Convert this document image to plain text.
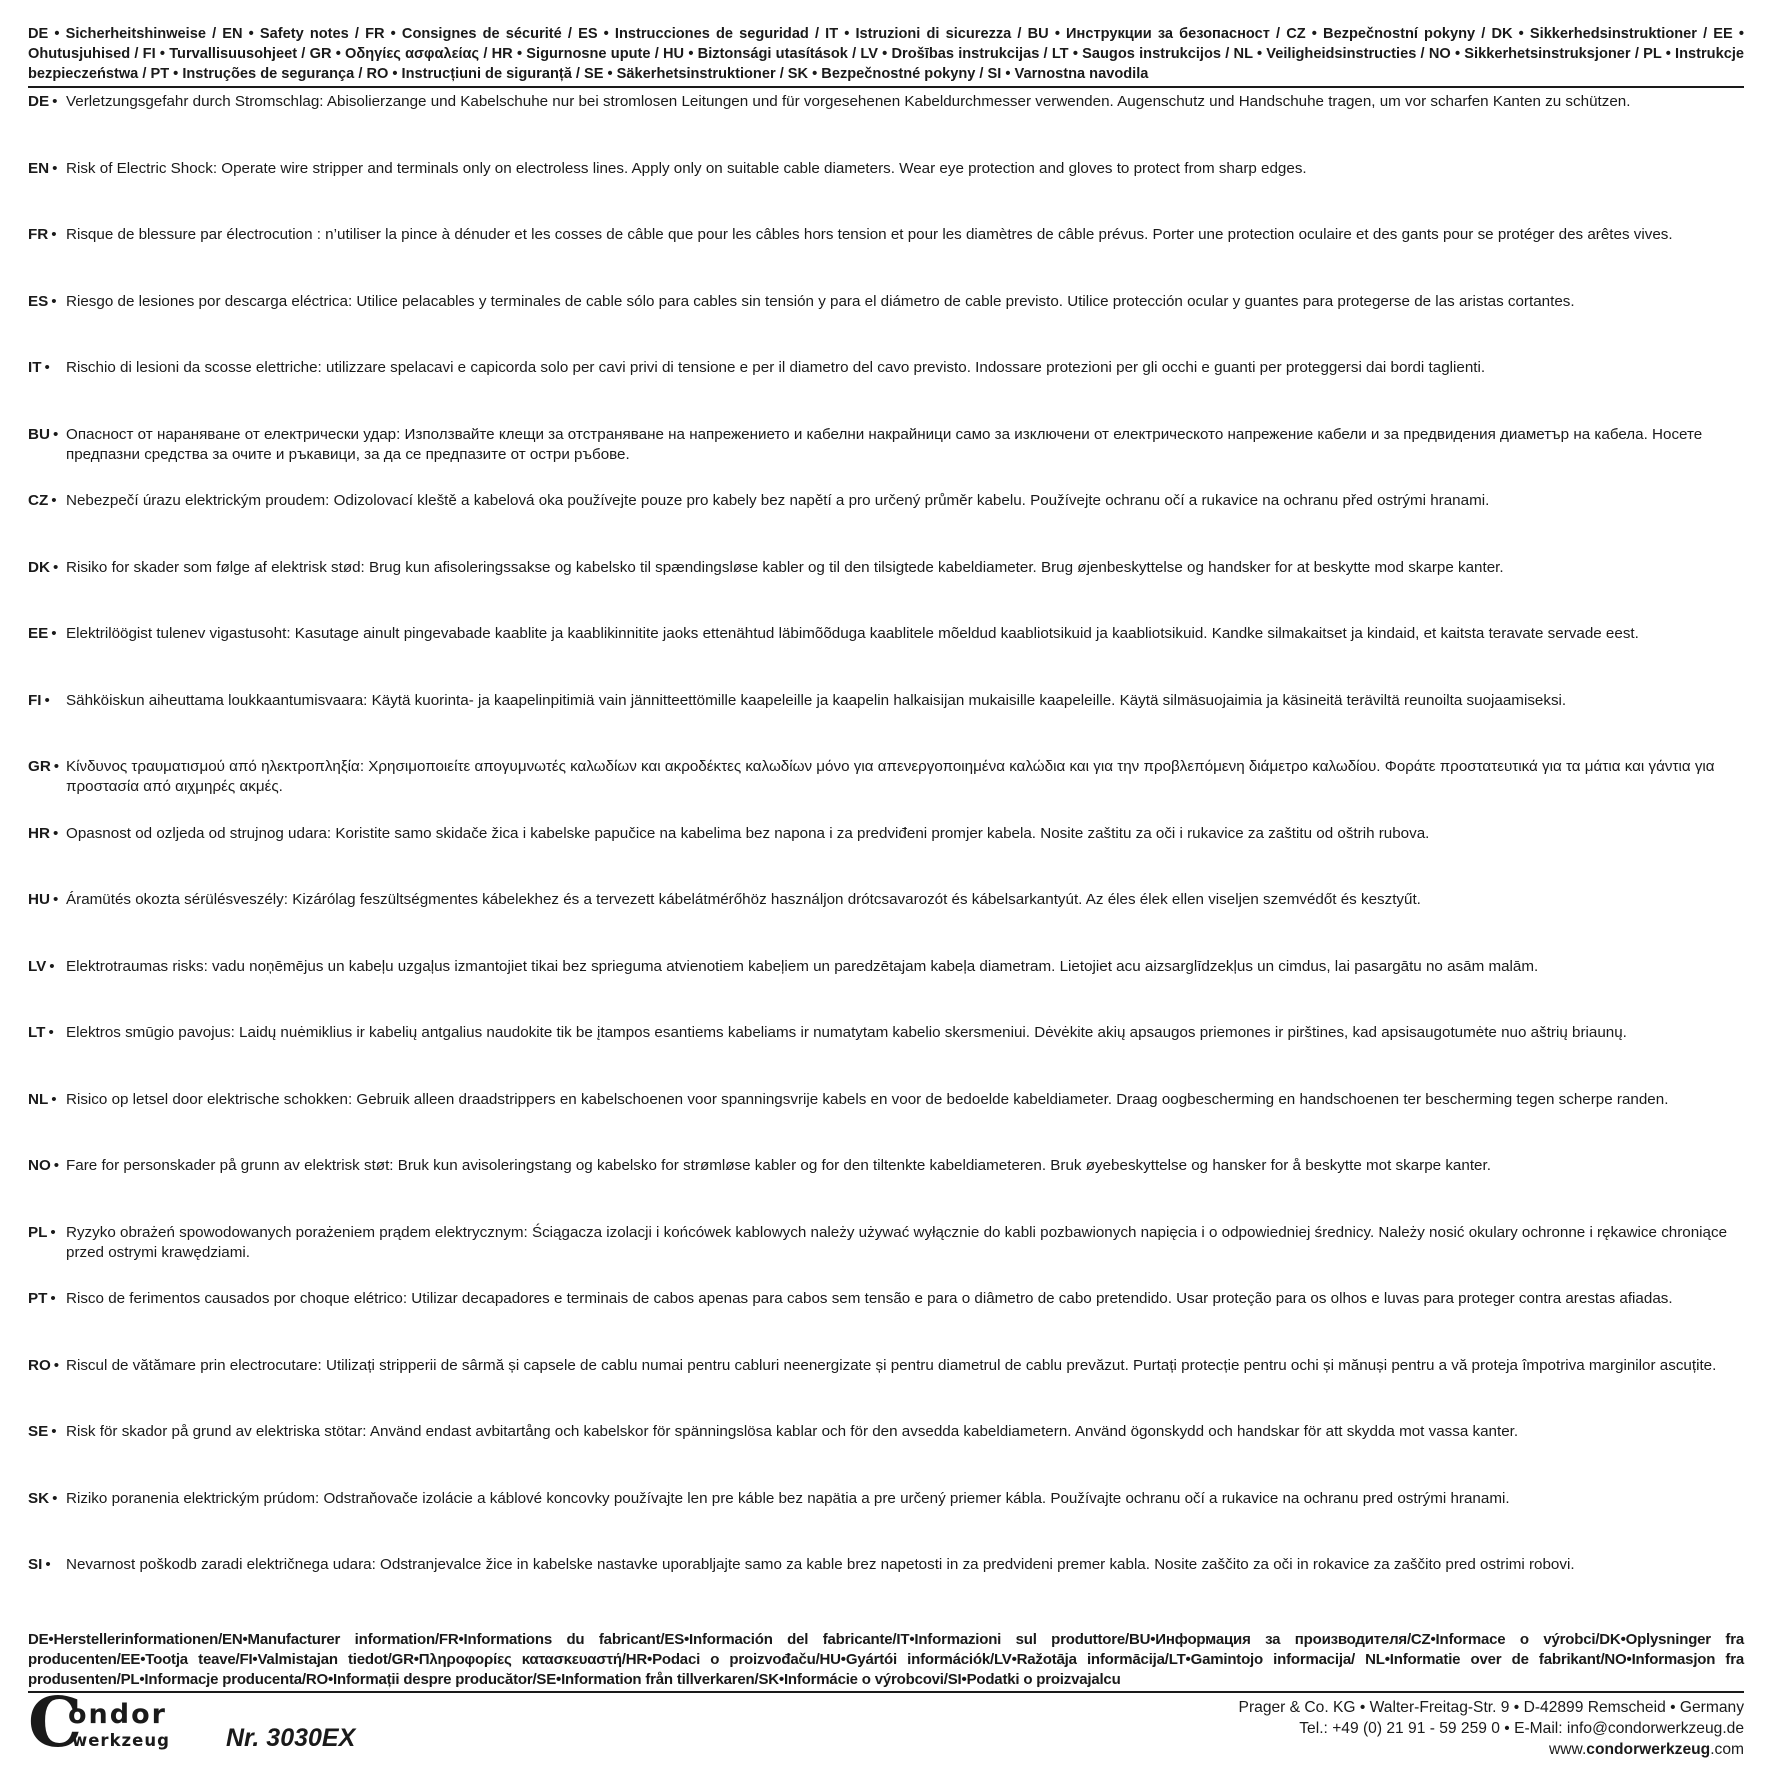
DE • Sicherheitshinweise / EN • Safety notes / FR • Consignes de sécurité / ES • Instrucciones de seguridad / IT • Istruzioni di sicurezza / BU • Инструкции за безопасност / CZ • Bezpečnostní pokyny / DK • Sikkerhedsinstruktioner / EE • Ohutusjuhised / FI • Turvallisuusohjeet / GR • Οδηγίες ασφαλείας / HR • Sigurnosne upute / HU • Biztonsági utasítások / LV • Drošības instrukcijas / LT • Saugos instrukcijos / NL • Veiligheidsinstructies / NO • Sikkerhetsinstruksjoner / PL • Instrukcje bezpieczeństwa / PT • Instruções de segurança / RO • Instrucțiuni de siguranță / SE • Säkerhetsinstruktioner / SK • Bezpečnostné pokyny / SI • Varnostna navodila
DE • Verletzungsgefahr durch Stromschlag: Abisolierzange und Kabelschuhe nur bei stromlosen Leitungen und für vorgesehenen Kabeldurchmesser verwenden. Augenschutz und Handschuhe tragen, um vor scharfen Kanten zu schützen.
EN • Risk of Electric Shock: Operate wire stripper and terminals only on electroless lines. Apply only on suitable cable diameters. Wear eye protection and gloves to protect from sharp edges.
FR • Risque de blessure par électrocution : n’utiliser la pince à dénuder et les cosses de câble que pour les câbles hors tension et pour les diamètres de câble prévus. Porter une protection oculaire et des gants pour se protéger des arêtes vives.
ES • Riesgo de lesiones por descarga eléctrica: Utilice pelacables y terminales de cable sólo para cables sin tensión y para el diámetro de cable previsto. Utilice protección ocular y guantes para protegerse de las aristas cortantes.
IT •	Rischio di lesioni da scosse elettriche: utilizzare spelacavi e capicorda solo per cavi privi di tensione e per il diametro del cavo previsto. Indossare protezioni per gli occhi e guanti per proteggersi dai bordi taglienti.
BU • Опасност от нараняване от електрически удар: Използвайте клещи за отстраняване на напрежението и кабелни накрайници само за изключени от електрическото напрежение кабели и за предвидения диаметър на кабела. Носете предпазни средства за очите и ръкавици, за да се предпазите от остри ръбове.
CZ • Nebezpečí úrazu elektrickým proudem: Odizolovací kleště a kabelová oka používejte pouze pro kabely bez napětí a pro určený průměr kabelu. Používejte ochranu očí a rukavice na ochranu před ostrými hranami.
DK • Risiko for skader som følge af elektrisk stød: Brug kun afisoleringssakse og kabelsko til spændingsløse kabler og til den tilsigtede kabeldiameter. Brug øjenbeskyttelse og handsker for at beskytte mod skarpe kanter.
EE • Elektrilöögist tulenev vigastusoht: Kasutage ainult pingevabade kaablite ja kaablikinnitite jaoks ettenähtud läbimõõduga kaablitele mõeldud kaabliotsikuid ja kaabliotsikuid. Kandke silmakaitset ja kindaid, et kaitsta teravate servade eest.
FI •	Sähköiskun aiheuttama loukkaantumisvaara: Käytä kuorinta- ja kaapelinpitimiä vain jännitteettömille kaapeleille ja kaapelin halkaisijan mukaisille kaapeleille. Käytä silmäsuojaimia ja käsineitä teräviltä reunoilta suojaamiseksi.
GR • Κίνδυνος τραυματισμού από ηλεκτροπληξία: Χρησιμοποιείτε απογυμνωτές καλωδίων και ακροδέκτες καλωδίων μόνο για απενεργοποιημένα καλώδια και για την προβλεπόμενη διάμετρο καλωδίου. Φοράτε προστατευτικά για τα μάτια και γάντια για προστασία από αιχμηρές ακμές.
HR • Opasnost od ozljeda od strujnog udara: Koristite samo skidače žica i kabelske papučice na kabelima bez napona i za predviđeni promjer kabela. Nosite zaštitu za oči i rukavice za zaštitu od oštrih rubova.
HU • Áramütés okozta sérülésveszély: Kizárólag feszültségmentes kábelekhez és a tervezett kábelátmérőhöz használjon drótcsavarozót és kábelsarkantyút. Az éles élek ellen viseljen szemvédőt és kesztyűt.
LV • Elektrotraumas risks: vadu noņēmējus un kabeļu uzgaļus izmantojiet tikai bez sprieguma atvienotiem kabeļiem un paredzētajam kabeļa diametram. Lietojiet acu aizsarglīdzekļus un cimdus, lai pasargātu no asām malām.
LT • Elektros smūgio pavojus: Laidų nuėmiklius ir kabelių antgalius naudokite tik be įtampos esantiems kabeliams ir numatytam kabelio skersmeniui. Dėvėkite akių apsaugos priemones ir pirštines, kad apsisaugotumėte nuo aštrių briaunų.
NL • Risico op letsel door elektrische schokken: Gebruik alleen draadstrippers en kabelschoenen voor spanningsvrije kabels en voor de bedoelde kabeldiameter. Draag oogbescherming en handschoenen ter bescherming tegen scherpe randen.
NO • Fare for personskader på grunn av elektrisk støt: Bruk kun avisoleringstang og kabelsko for strømløse kabler og for den tiltenkte kabeldiameteren. Bruk øyebeskyttelse og hansker for å beskytte mot skarpe kanter.
PL • Ryzyko obrażeń spowodowanych porażeniem prądem elektrycznym: Ściągacza izolacji i końcówek kablowych należy używać wyłącznie do kabli pozbawionych napięcia i o odpowiedniej średnicy. Należy nosić okulary ochronne i rękawice chroniące przed ostrymi krawędziami.
PT • Risco de ferimentos causados por choque elétrico: Utilizar decapadores e terminais de cabos apenas para cabos sem tensão e para o diâmetro de cabo pretendido. Usar proteção para os olhos e luvas para proteger contra arestas afiadas.
RO • Riscul de vătămare prin electrocutare: Utilizați stripperii de sârmă și capsele de cablu numai pentru cabluri neenergizate și pentru diametrul de cablu prevăzut. Purtați protecție pentru ochi și mănuși pentru a vă proteja împotriva marginilor ascuțite.
SE • Risk för skador på grund av elektriska stötar: Använd endast avbitartång och kabelskor för spänningslösa kablar och för den avsedda kabeldiametern. Använd ögonskydd och handskar för att skydda mot vassa kanter.
SK • Riziko poranenia elektrickým prúdom: Odstraňovače izolácie a káblové koncovky používajte len pre káble bez napätia a pre určený priemer kábla. Používajte ochranu očí a rukavice na ochranu pred ostrými hranami.
SI •	Nevarnost poškodb zaradi električnega udara: Odstranjevalce žice in kabelske nastavke uporabljajte samo za kable brez napetosti in za predvideni premer kabla. Nosite zaščito za oči in rokavice za zaščito pred ostrimi robovi.
DE•Herstellerinformationen/EN•Manufacturer information/FR•Informations du fabricant/ES•Información del fabricante/IT•Informazioni sul produttore/BU•Информация за производителя/CZ•Informace o výrobci/DK•Oplysninger fra producenten/EE•Tootja teave/FI•Valmistajan tiedot/GR•Πληροφορίες κατασκευαστή/HR•Podaci o proizvođaču/HU•Gyártói információk/LV•Ražotāja informācija/LT•Gamintojo informacija/ NL•Informatie over de fabrikant/NO•Informasjon fra produsenten/PL•Informacje producenta/RO•Informații despre producător/SE•Information från tillverkaren/SK•Informácie o výrobcovi/SI•Podatki o proizvajalcu
C
ondor
werkzeug Nr. 3030EX
Prager & Co. KG • Walter-Freitag-Str. 9 • D-42899 Remscheid • Germany
Tel.: +49 (0) 21 91 - 59 259 0 • E-Mail: info@condorwerkzeug.de
www.condorwerkzeug.com
